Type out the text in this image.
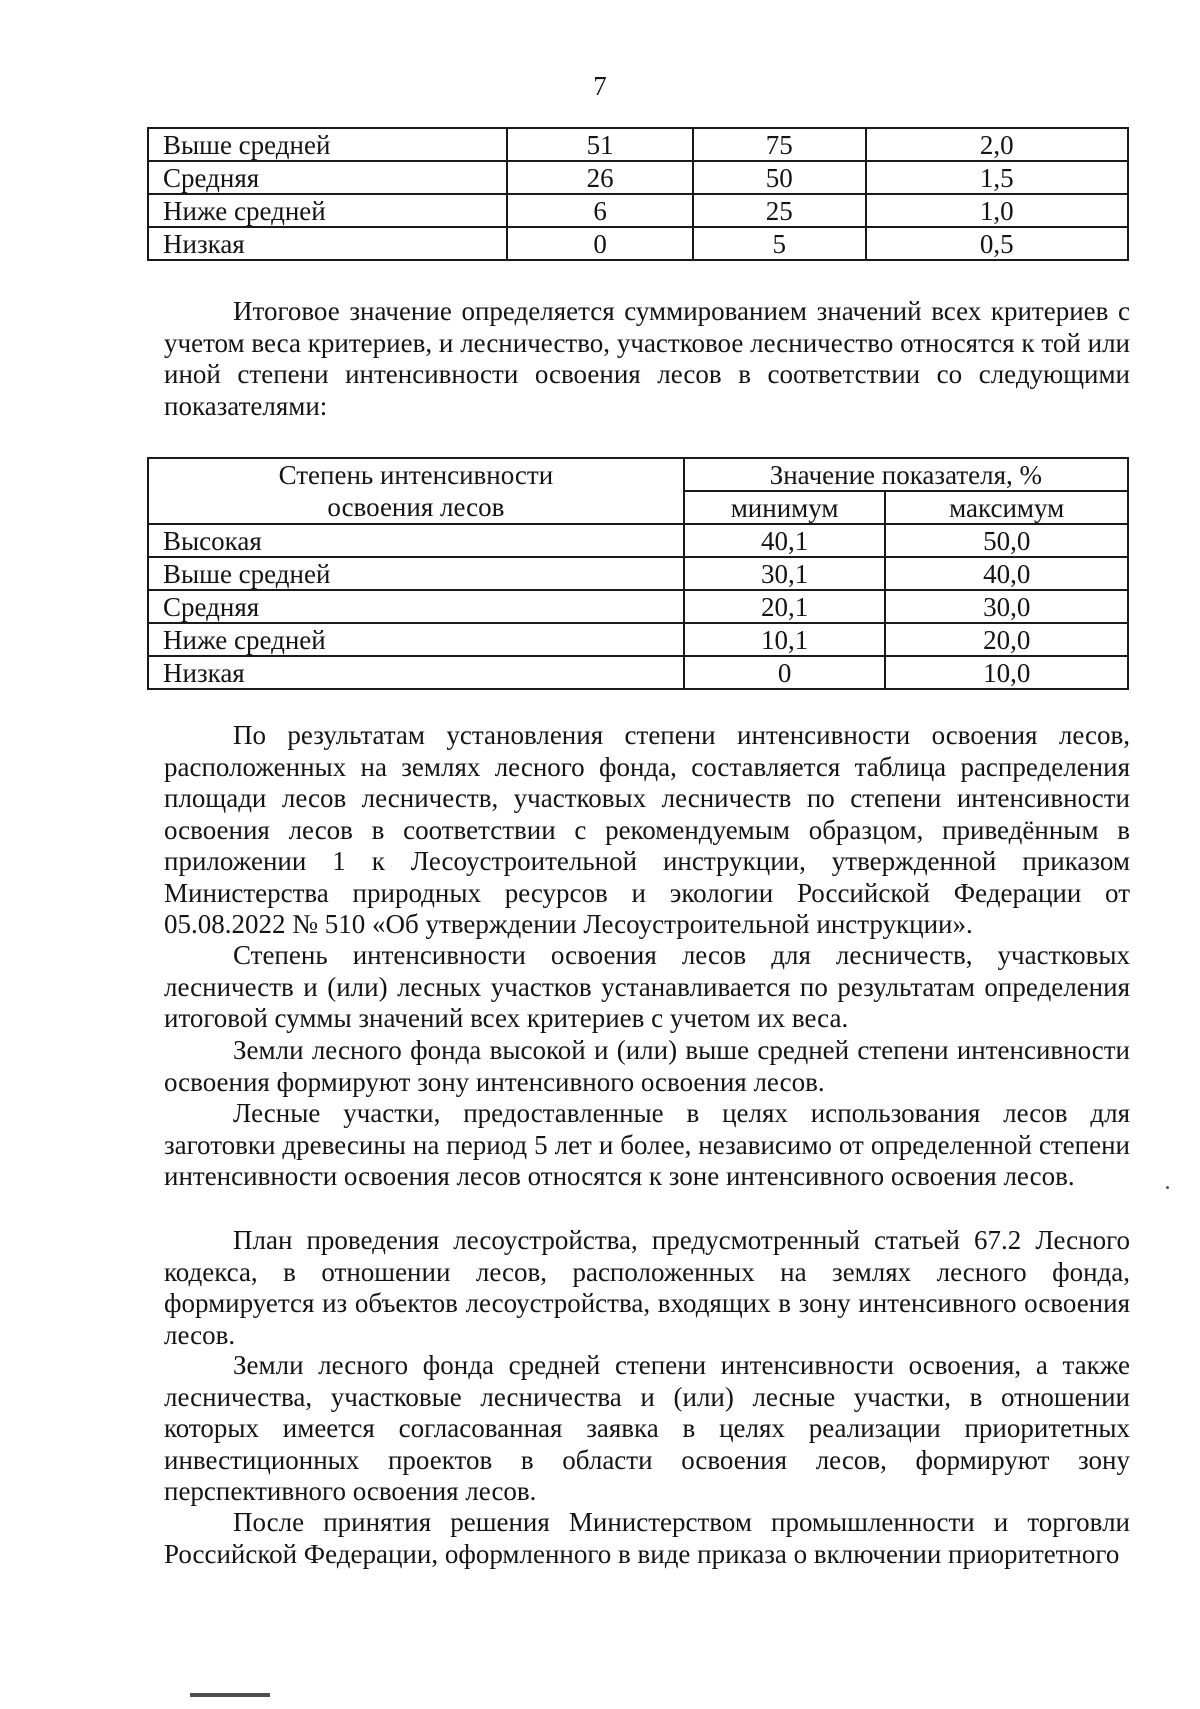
7
Выше средней	51	75	2,0
Средняя	26	50	1,5
Ниже средней	6	25	1,0
Низкая	0	5	0,5

Итоговое значение определяется суммированием значений всех критериев с учетом веса критериев, и лесничество, участковое лесничество относятся к той или иной степени интенсивности освоения лесов в соответствии со следующими показателями:

Степень интенсивности	Значение показателя, %	
освоения лесов	минимум	максимум
Высокая	40,1	50,0
Выше средней	30,1	40,0
Средняя	20,1	30,0
Ниже средней	10,1	20,0
Низкая	0	10,0

По результатам установления степени интенсивности освоения лесов, расположенных на землях лесного фонда, составляется таблица распределения площади лесов лесничеств, участковых лесничеств по степени интенсивности освоения лесов в соответствии с рекомендуемым образцом, приведённым в приложении 1 к Лесоустроительной инструкции, утвержденной приказом Министерства природных ресурсов и экологии Российской Федерации от 05.08.2022 № 510 «Об утверждении Лесоустроительной инструкции».

Степень интенсивности освоения лесов для лесничеств, участковых лесничеств и (или) лесных участков устанавливается по результатам определения итоговой суммы значений всех критериев с учетом их веса.

Земли лесного фонда высокой и (или) выше средней степени интенсивности освоения формируют зону интенсивного освоения лесов.

Лесные участки, предоставленные в целях использования лесов для заготовки древесины на период 5 лет и более, независимо от определенной степени интенсивности освоения лесов относятся к зоне интенсивного освоения лесов.

План проведения лесоустройства, предусмотренный статьей 67.2 Лесного кодекса, в отношении лесов, расположенных на землях лесного фонда, формируется из объектов лесоустройства, входящих в зону интенсивного освоения лесов.

Земли лесного фонда средней степени интенсивности освоения, а также лесничества, участковые лесничества и (или) лесные участки, в отношении которых имеется согласованная заявка в целях реализации приоритетных инвестиционных проектов в области освоения лесов, формируют зону перспективного освоения лесов.

После принятия решения Министерством промышленности и торговли Российской Федерации, оформленного в виде приказа о включении приоритетного
